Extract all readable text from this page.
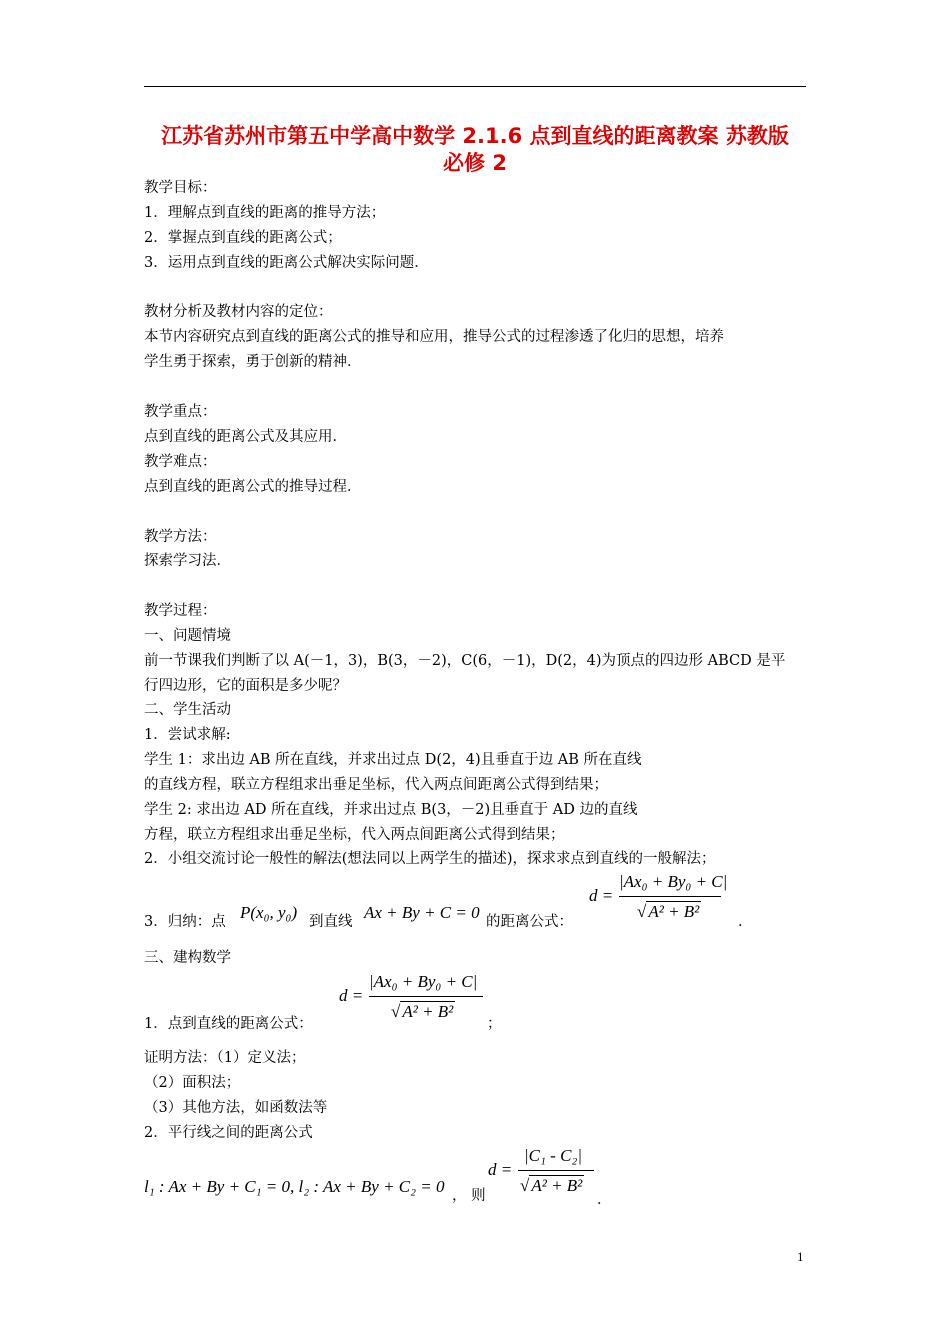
江苏省苏州市第五中学高中数学 2.1.6 点到直线的距离教案 苏教版
必修 2
教学目标：
1．理解点到直线的距离的推导方法；
2．掌握点到直线的距离公式；
3．运用点到直线的距离公式解决实际问题．
教材分析及教材内容的定位：
本节内容研究点到直线的距离公式的推导和应用，推导公式的过程渗透了化归的思想，培养
学生勇于探索，勇于创新的精神．
教学重点：
点到直线的距离公式及其应用．
教学难点：
点到直线的距离公式的推导过程．
教学方法：
探索学习法．
教学过程：
一、问题情境
前一节课我们判断了以 A(－1，3)，B(3，－2)，C(6，－1)，D(2，4)为顶点的四边形 ABCD 是平
行四边形，它的面积是多少呢？
二、学生活动
1．尝试求解:
学生 1：求出边 AB 所在直线，并求出过点 D(2，4)且垂直于边 AB 所在直线
的直线方程，联立方程组求出垂足坐标，代入两点间距离公式得到结果；
学生 2: 求出边 AD 所在直线，并求出过点 B(3，－2)且垂直于 AD 边的直线
方程，联立方程组求出垂足坐标，代入两点间距离公式得到结果；
2．小组交流讨论一般性的解法(想法同以上两学生的描述)，探求求点到直线的一般解法；
3．归纳：点 P(x₀, y₀) 到直线 Ax + By + C = 0 的距离公式：
d =
|Ax₀ + By₀ + C|
√ A² + B²
．
三、建构数学
1．点到直线的距离公式：
d =
|Ax₀ + By₀ + C|
√ A² + B²
；
证明方法：（1）定义法；
（2）面积法；
（3）其他方法，如函数法等
2．平行线之间的距离公式
l₁ : Ax + By + C₁ = 0, l₂ : Ax + By + C₂ = 0 ， 则
d =
|C₁ - C₂|
√ A² + B²
．
1
